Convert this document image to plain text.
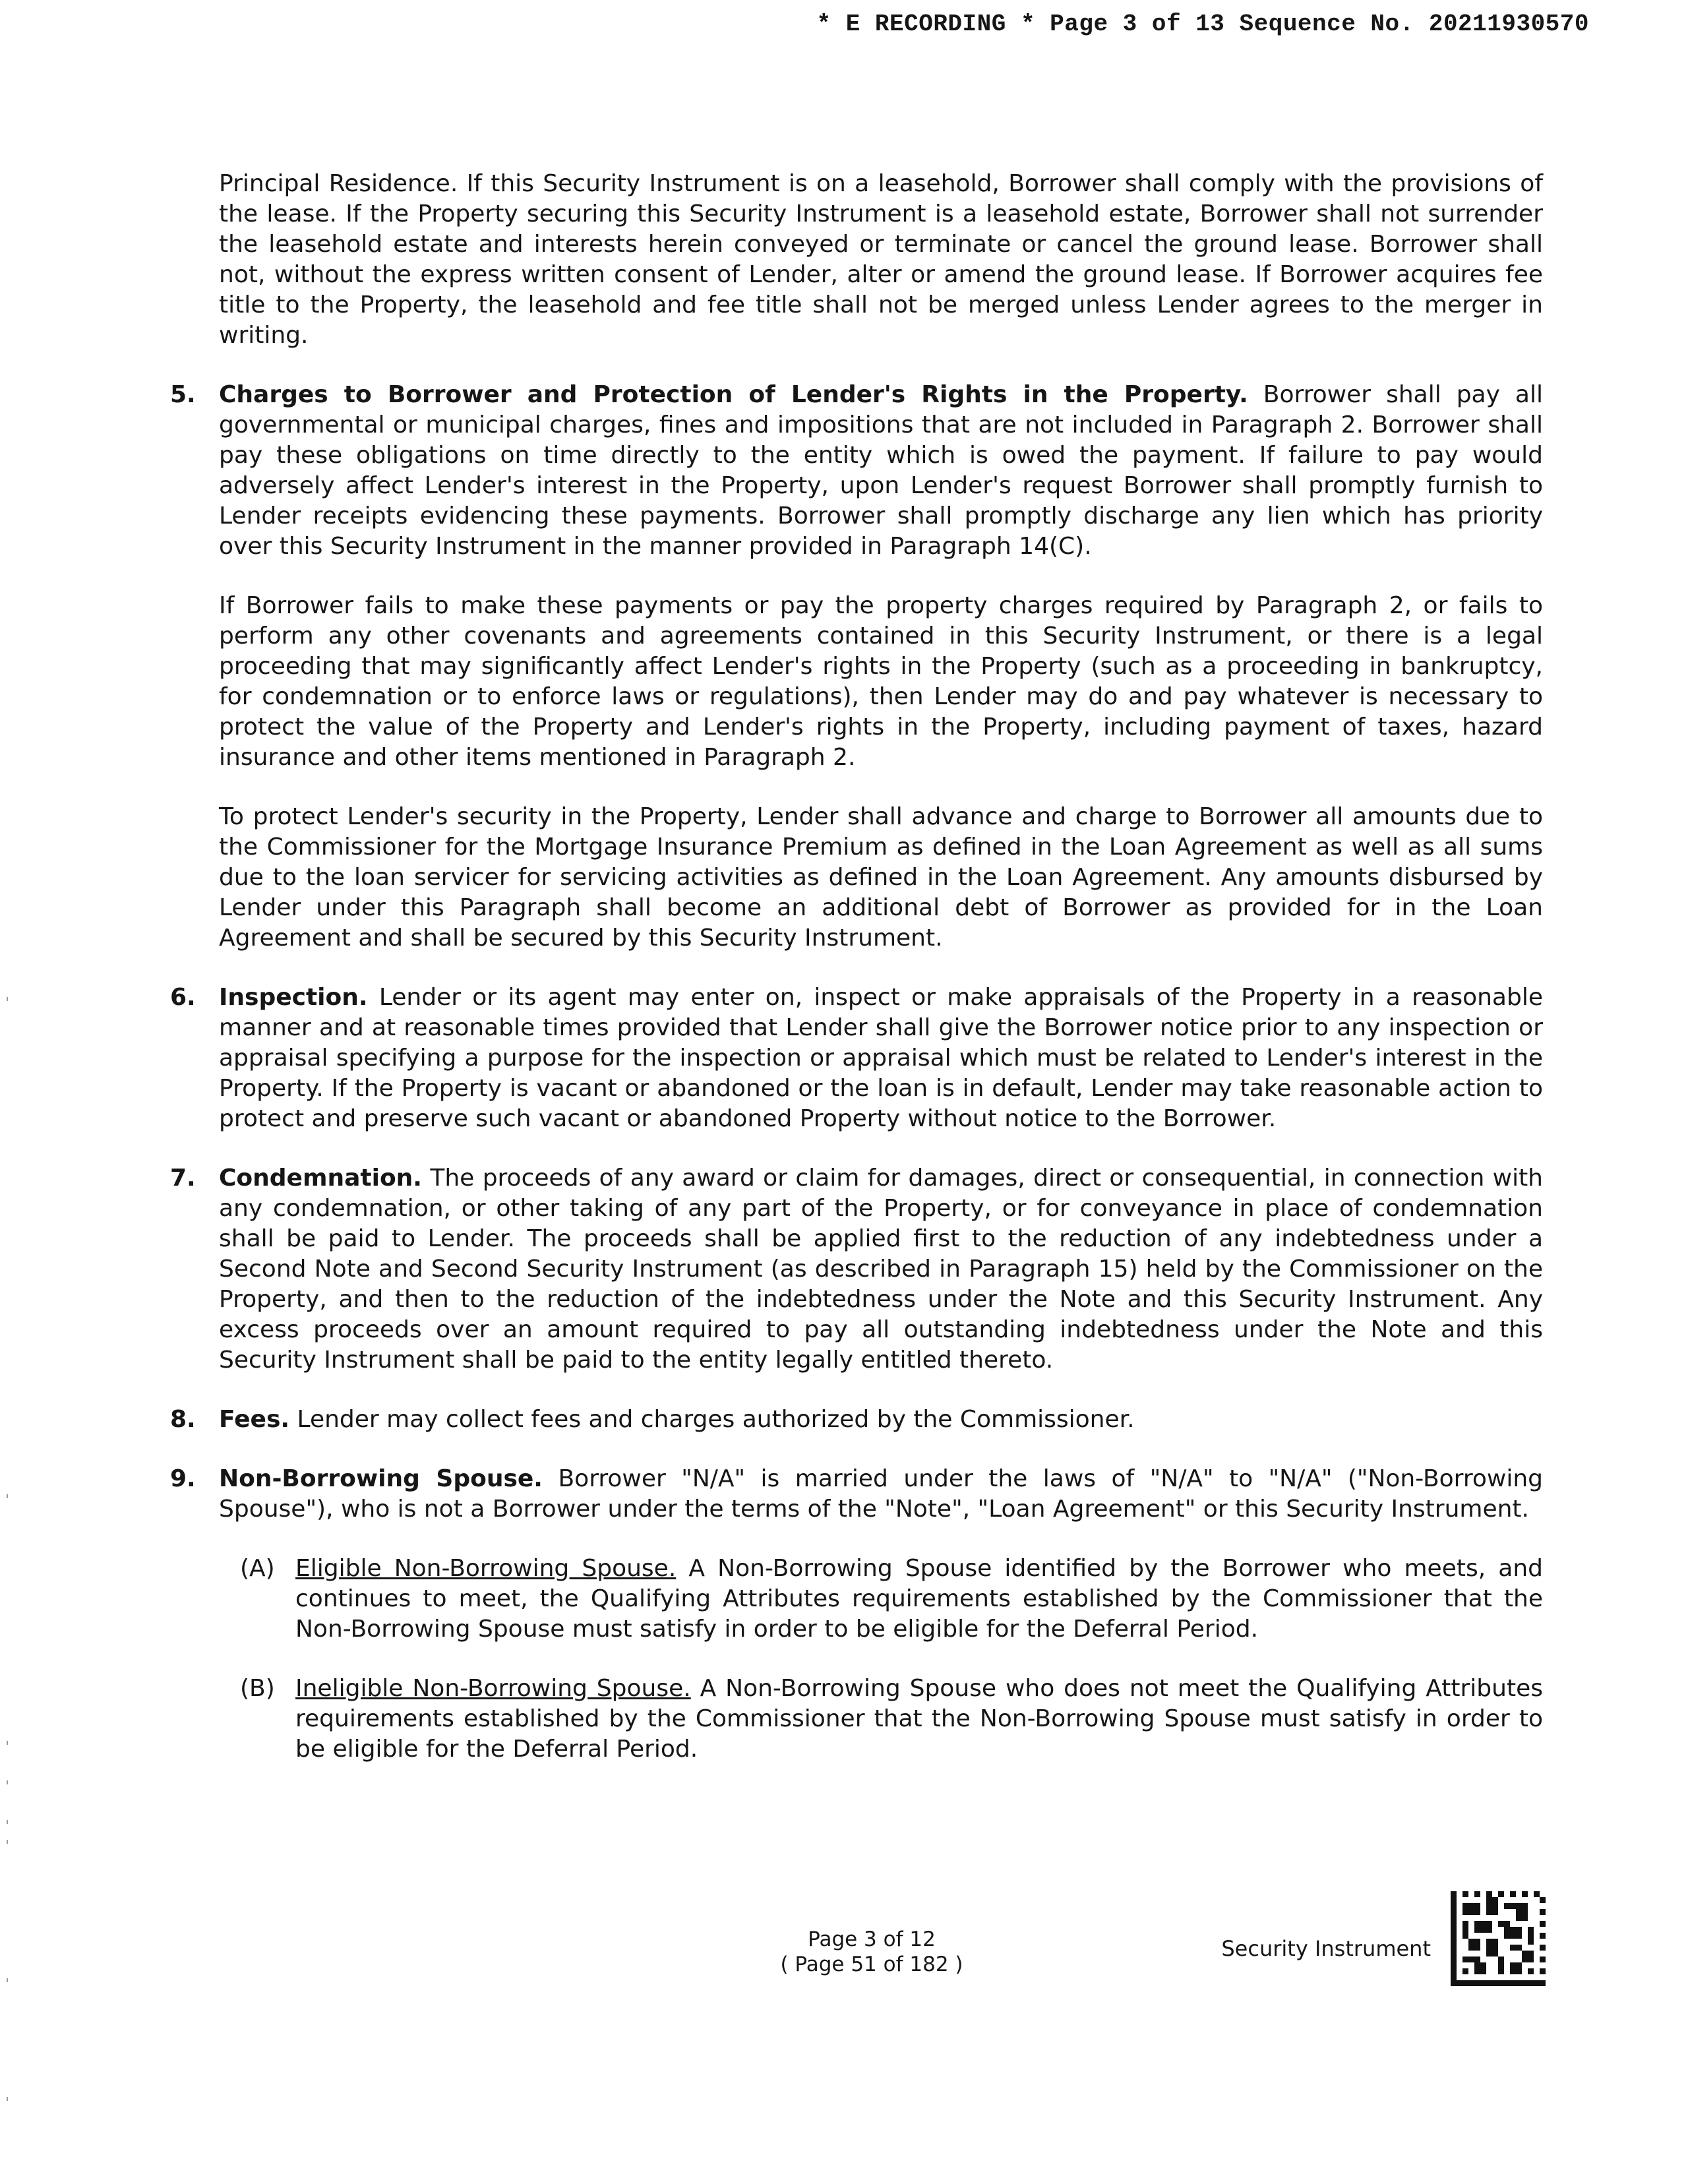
* E RECORDING * Page 3 of 13 Sequence No. 20211930570

Principal Residence. If this Security Instrument is on a leasehold, Borrower shall comply with the provisions of the lease. If the Property securing this Security Instrument is a leasehold estate, Borrower shall not surrender the leasehold estate and interests herein conveyed or terminate or cancel the ground lease. Borrower shall not, without the express written consent of Lender, alter or amend the ground lease. If Borrower acquires fee title to the Property, the leasehold and fee title shall not be merged unless Lender agrees to the merger in writing.

5. Charges to Borrower and Protection of Lender's Rights in the Property. Borrower shall pay all governmental or municipal charges, fines and impositions that are not included in Paragraph 2. Borrower shall pay these obligations on time directly to the entity which is owed the payment. If failure to pay would adversely affect Lender's interest in the Property, upon Lender's request Borrower shall promptly furnish to Lender receipts evidencing these payments. Borrower shall promptly discharge any lien which has priority over this Security Instrument in the manner provided in Paragraph 14(C).

If Borrower fails to make these payments or pay the property charges required by Paragraph 2, or fails to perform any other covenants and agreements contained in this Security Instrument, or there is a legal proceeding that may significantly affect Lender's rights in the Property (such as a proceeding in bankruptcy, for condemnation or to enforce laws or regulations), then Lender may do and pay whatever is necessary to protect the value of the Property and Lender's rights in the Property, including payment of taxes, hazard insurance and other items mentioned in Paragraph 2.

To protect Lender's security in the Property, Lender shall advance and charge to Borrower all amounts due to the Commissioner for the Mortgage Insurance Premium as defined in the Loan Agreement as well as all sums due to the loan servicer for servicing activities as defined in the Loan Agreement. Any amounts disbursed by Lender under this Paragraph shall become an additional debt of Borrower as provided for in the Loan Agreement and shall be secured by this Security Instrument.

6. Inspection. Lender or its agent may enter on, inspect or make appraisals of the Property in a reasonable manner and at reasonable times provided that Lender shall give the Borrower notice prior to any inspection or appraisal specifying a purpose for the inspection or appraisal which must be related to Lender's interest in the Property. If the Property is vacant or abandoned or the loan is in default, Lender may take reasonable action to protect and preserve such vacant or abandoned Property without notice to the Borrower.

7. Condemnation. The proceeds of any award or claim for damages, direct or consequential, in connection with any condemnation, or other taking of any part of the Property, or for conveyance in place of condemnation shall be paid to Lender. The proceeds shall be applied first to the reduction of any indebtedness under a Second Note and Second Security Instrument (as described in Paragraph 15) held by the Commissioner on the Property, and then to the reduction of the indebtedness under the Note and this Security Instrument. Any excess proceeds over an amount required to pay all outstanding indebtedness under the Note and this Security Instrument shall be paid to the entity legally entitled thereto.

8. Fees. Lender may collect fees and charges authorized by the Commissioner.

9. Non-Borrowing Spouse. Borrower "N/A" is married under the laws of "N/A" to "N/A" ("Non-Borrowing Spouse"), who is not a Borrower under the terms of the "Note", "Loan Agreement" or this Security Instrument.

(A) Eligible Non-Borrowing Spouse. A Non-Borrowing Spouse identified by the Borrower who meets, and continues to meet, the Qualifying Attributes requirements established by the Commissioner that the Non-Borrowing Spouse must satisfy in order to be eligible for the Deferral Period.

(B) Ineligible Non-Borrowing Spouse. A Non-Borrowing Spouse who does not meet the Qualifying Attributes requirements established by the Commissioner that the Non-Borrowing Spouse must satisfy in order to be eligible for the Deferral Period.

Page 3 of 12
( Page 51 of 182 )
Security Instrument
